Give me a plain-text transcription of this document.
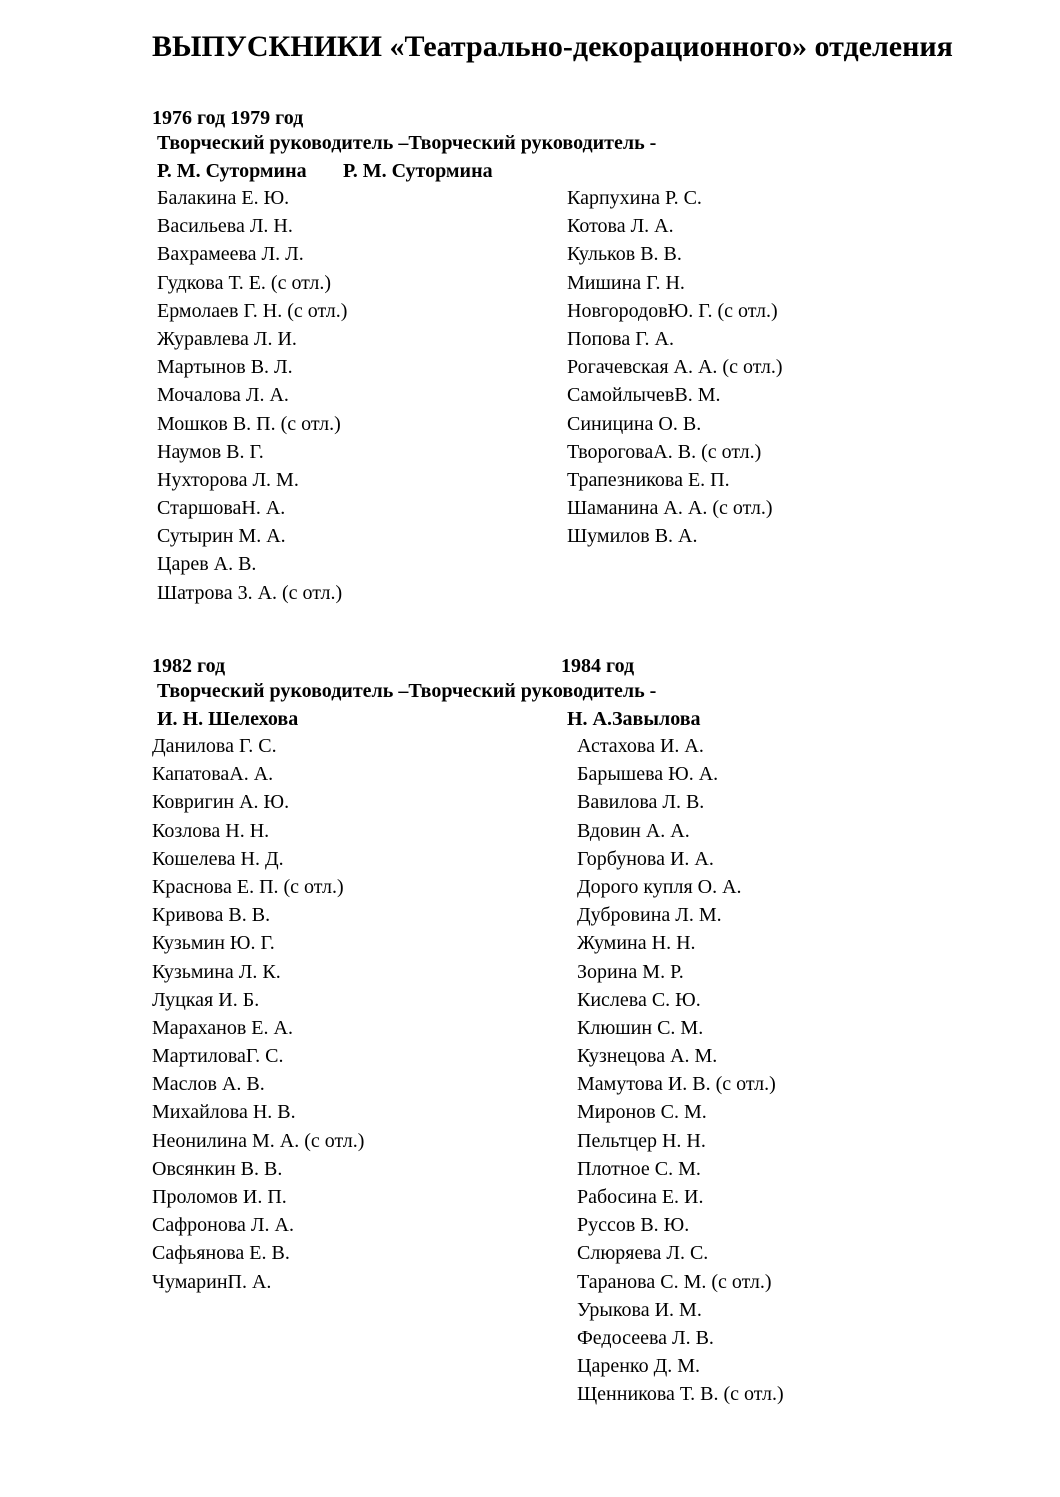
ВЫПУСКНИКИ «Театрально-декорационного» отделения
1976 год 1979 год
Творческий руководитель –Творческий руководитель -
Р. М. Сутормина Р. М. Сутормина
Балакина Е. Ю.
Васильева Л. Н.
Вахрамеева Л. Л.
Гудкова Т. Е. (с отл.)
Ермолаев Г. Н. (с отл.)
Журавлева Л. И.
Мартынов В. Л.
Мочалова Л. А.
Мошков В. П. (с отл.)
Наумов В. Г.
Нухторова Л. М.
СтаршоваН. А.
Сутырин М. А.
Царев А. В.
Шатрова 3. А. (с отл.)
Карпухина Р. С.
Котова Л. А.
Кульков В. В.
Мишина Г. Н.
НовгородовЮ. Г. (с отл.)
Попова Г. А.
Рогачевская А. А. (с отл.)
СамойлычевВ. М.
Синицина О. В.
ТвороговаА. В. (с отл.)
Трапезникова Е. П.
Шаманина А. А. (с отл.)
Шумилов В. А.
1982 год	1984 год
Творческий руководитель –Творческий руководитель -
И. Н. Шелехова	Н. А.Завылова
Данилова Г. С.
КапатоваА. А.
Ковригин А. Ю.
Козлова Н. Н.
Кошелева Н. Д.
Краснова Е. П. (с отл.)
Кривова В. В.
Кузьмин Ю. Г.
Кузьмина Л. К.
Луцкая И. Б.
Мараханов Е. А.
МартиловаГ. С.
Маслов А. В.
Михайлова Н. В.
Неонилина М. А. (с отл.)
Овсянкин В. В.
Проломов И. П.
Сафронова Л. А.
Сафьянова Е. В.
ЧумаринП. А.
Астахова И. А.
Барышева Ю. А.
Вавилова Л. В.
Вдовин А. А.
Горбунова И. А.
Дорого купля О. А.
Дубровина Л. М.
Жумина Н. Н.
Зорина М. Р.
Кислева С. Ю.
Клюшин С. М.
Кузнецова А. М.
Мамутова И. В. (с отл.)
Миронов С. М.
Пельтцер Н. Н.
Плотное С. М.
Рабосина Е. И.
Руссов В. Ю.
Слюряева Л. С.
Таранова С. М. (с отл.)
Урыкова И. М.
Федосеева Л. В.
Царенко Д. М.
Щенникова Т. В. (с отл.)
